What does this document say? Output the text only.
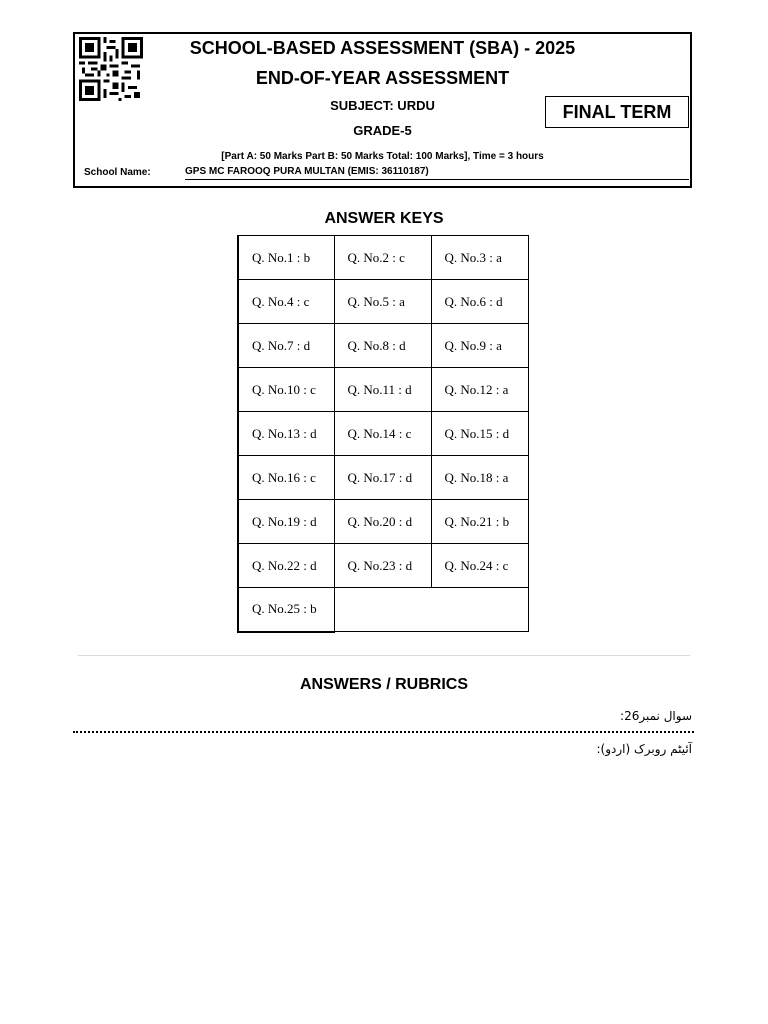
SCHOOL-BASED ASSESSMENT (SBA) - 2025
END-OF-YEAR ASSESSMENT
SUBJECT: URDU
GRADE-5
[Part A: 50 Marks Part B: 50 Marks Total: 100 Marks], Time = 3 hours
FINAL TERM
School Name:	GPS MC FAROOQ PURA MULTAN (EMIS: 36110187)
ANSWER KEYS
Q. No.1 : b	Q. No.2 : c	Q. No.3 : a
Q. No.4 : c	Q. No.5 : a	Q. No.6 : d
Q. No.7 : d	Q. No.8 : d	Q. No.9 : a
Q. No.10 : c	Q. No.11 : d	Q. No.12 : a
Q. No.13 : d	Q. No.14 : c	Q. No.15 : d
Q. No.16 : c	Q. No.17 : d	Q. No.18 : a
Q. No.19 : d	Q. No.20 : d	Q. No.21 : b
Q. No.22 : d	Q. No.23 : d	Q. No.24 : c
Q. No.25 : b		
ANSWERS / RUBRICS
سوال نمبر26:
آئیٹم روبرک (اردو):
